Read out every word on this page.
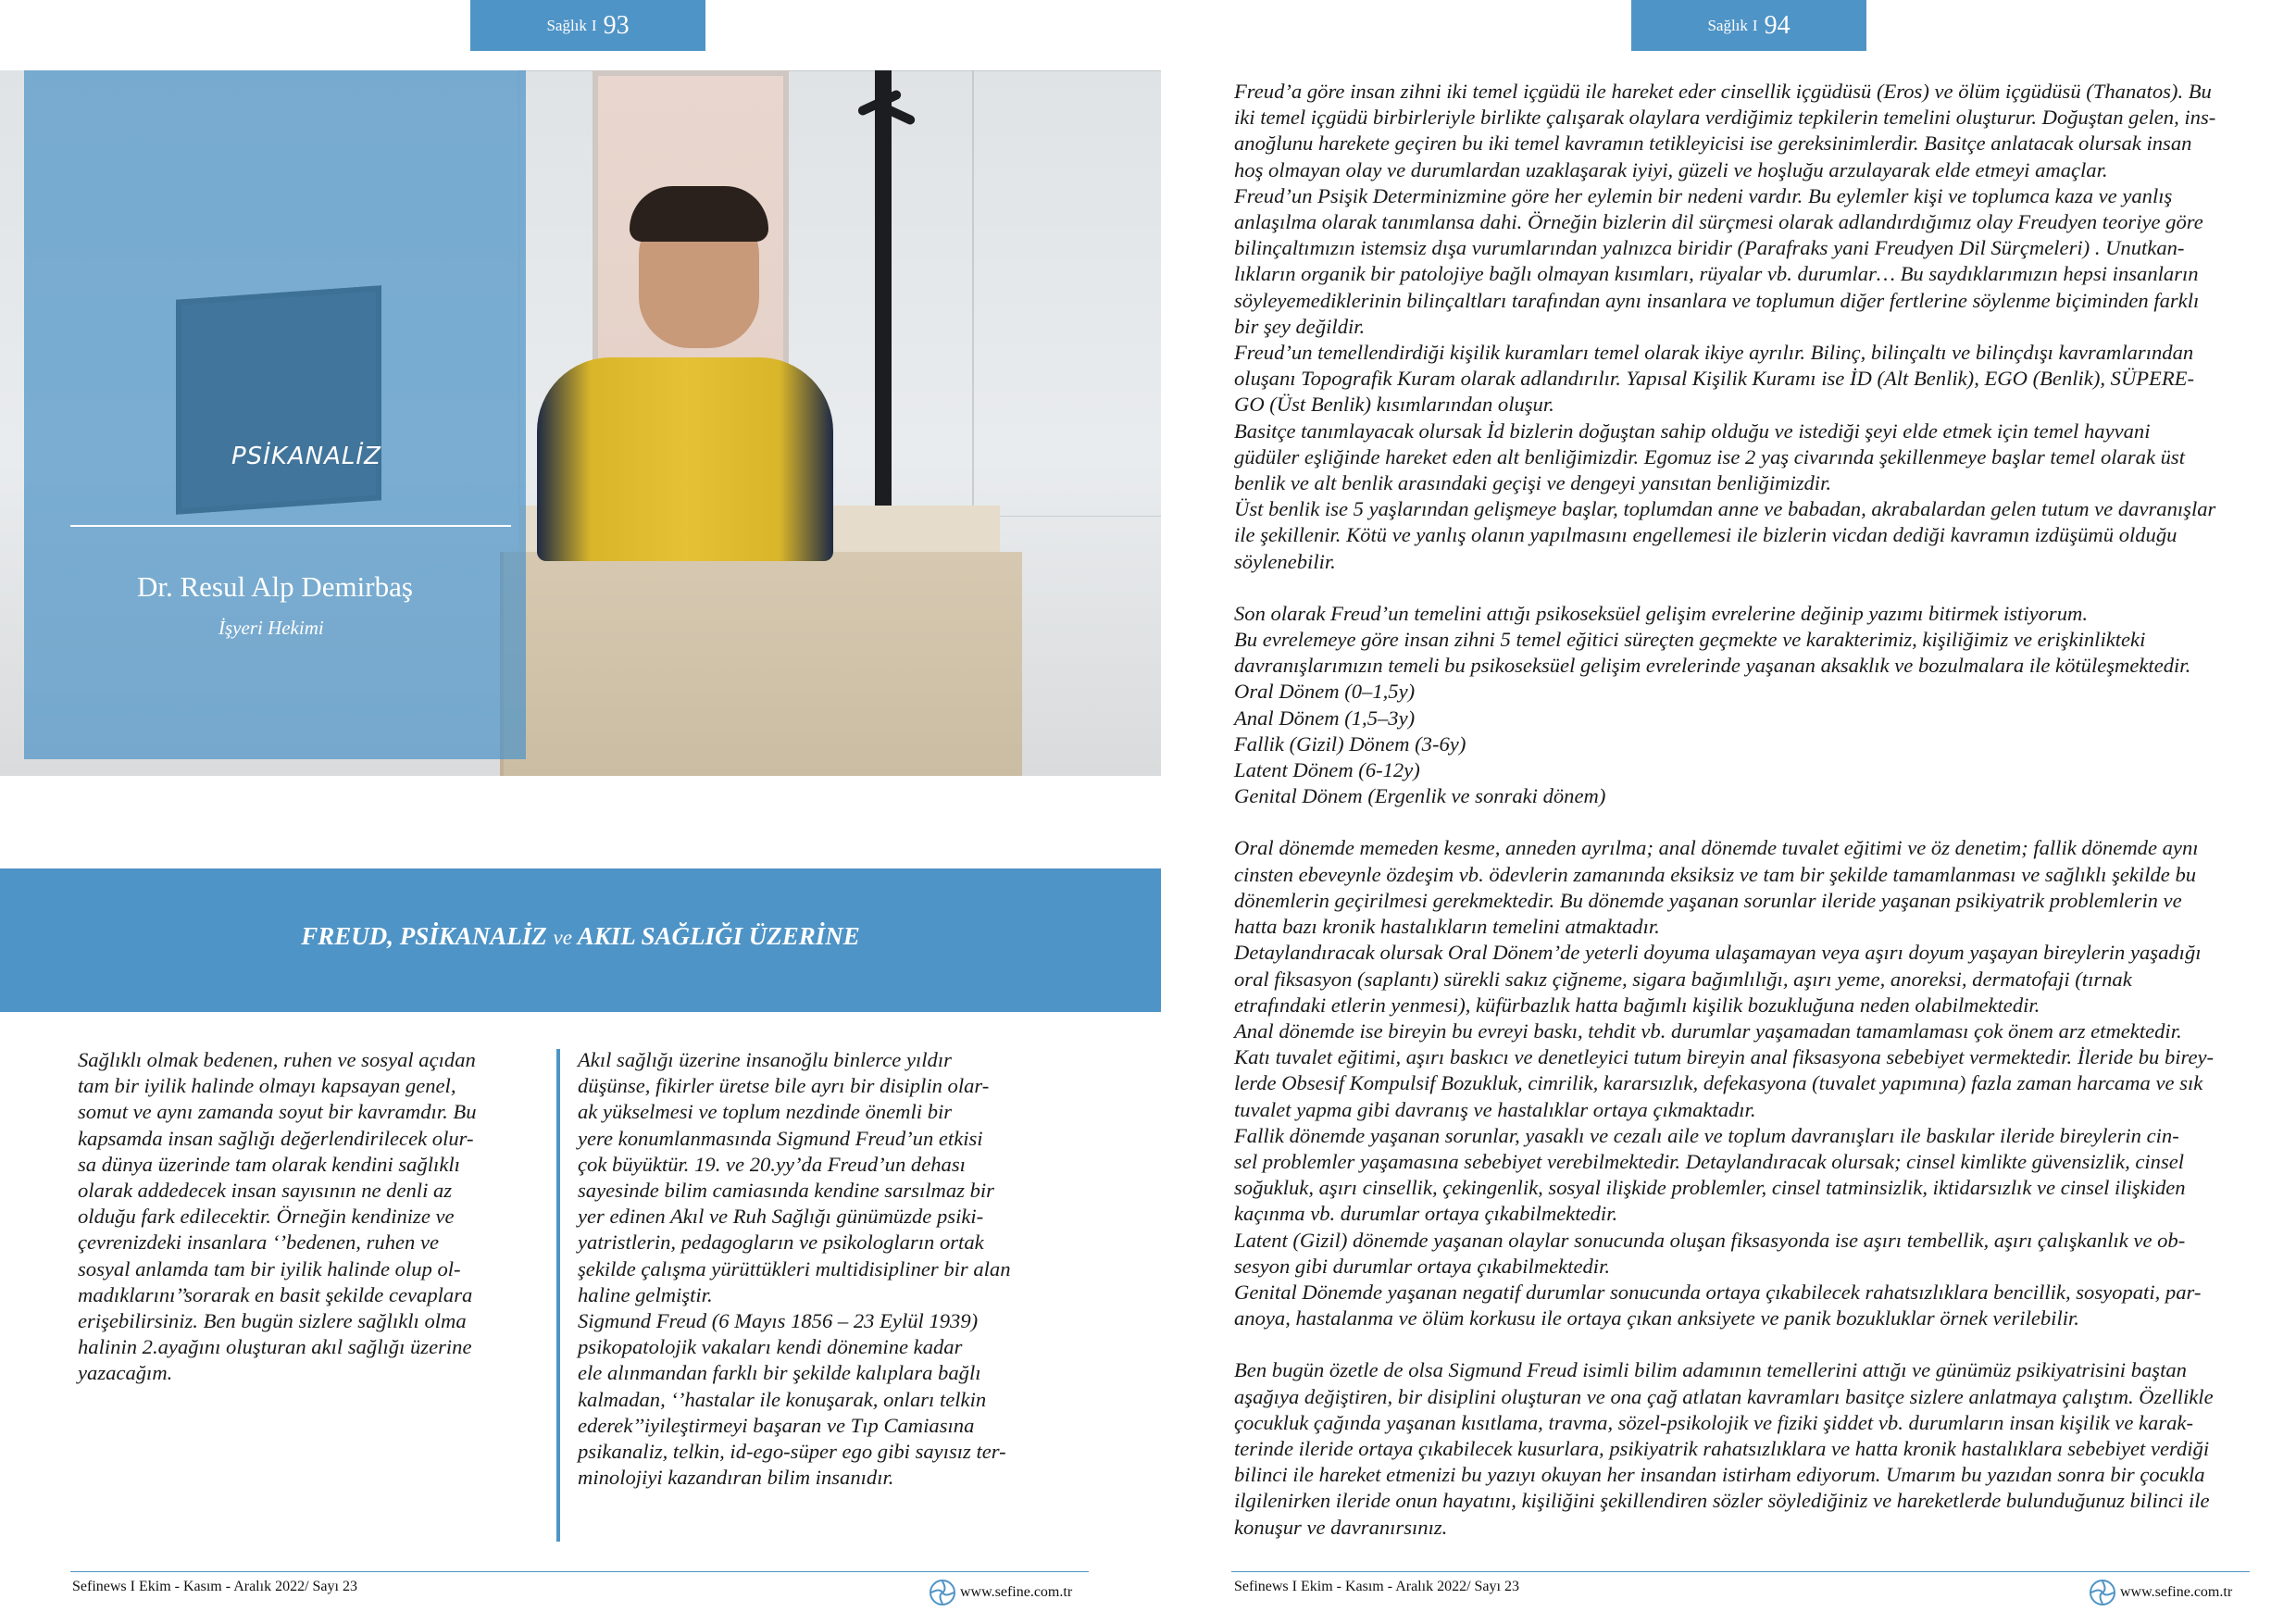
Sağlık I 93	Sağlık I 94
PSİKANALİZ
Dr. Resul Alp Demirbaş
İşyeri Hekimi
FREUD, PSİKANALİZ ve AKIL SAĞLIĞI ÜZERİNE

Sağlıklı olmak bedenen, ruhen ve sosyal açıdan

tam bir iyilik halinde olmayı kapsayan genel,

somut ve aynı zamanda soyut bir kavramdır. Bu

kapsamda insan sağlığı değerlendirilecek olur-

sa dünya üzerinde tam olarak kendini sağlıklı

olarak addedecek insan sayısının ne denli az

olduğu fark edilecektir. Örneğin kendinize ve

çevrenizdeki insanlara ‘’bedenen, ruhen ve

sosyal anlamda tam bir iyilik halinde olup ol-

madıklarını’’sorarak en basit şekilde cevaplara

erişebilirsiniz. Ben bugün sizlere sağlıklı olma

halinin 2.ayağını oluşturan akıl sağlığı üzerine

yazacağım.

Akıl sağlığı üzerine insanoğlu binlerce yıldır

düşünse, fikirler üretse bile ayrı bir disiplin olar-

ak yükselmesi ve toplum nezdinde önemli bir

yere konumlanmasında Sigmund Freud’un etkisi

çok büyüktür. 19. ve 20.yy’da Freud’un dehası

sayesinde bilim camiasında kendine sarsılmaz bir

yer edinen Akıl ve Ruh Sağlığı günümüzde psiki-

yatristlerin, pedagogların ve psikologların ortak

şekilde çalışma yürüttükleri multidisipliner bir alan

haline gelmiştir.

Sigmund Freud (6 Mayıs 1856 – 23 Eylül 1939)

psikopatolojik vakaları kendi dönemine kadar

ele alınmandan farklı bir şekilde kalıplara bağlı

kalmadan, ‘’hastalar ile konuşarak, onları telkin

ederek’’iyileştirmeyi başaran ve Tıp Camiasına

psikanaliz, telkin, id-ego-süper ego gibi sayısız ter-

minolojiyi kazandıran bilim insanıdır.

Freud’a göre insan zihni iki temel içgüdü ile hareket eder cinsellik içgüdüsü (Eros) ve ölüm içgüdüsü (Thanatos). Bu

iki temel içgüdü birbirleriyle birlikte çalışarak olaylara verdiğimiz tepkilerin temelini oluşturur. Doğuştan gelen, ins-

anoğlunu harekete geçiren bu iki temel kavramın tetikleyicisi ise gereksinimlerdir. Basitçe anlatacak olursak insan

hoş olmayan olay ve durumlardan uzaklaşarak iyiyi, güzeli ve hoşluğu arzulayarak elde etmeyi amaçlar.

Freud’un Psişik Determinizmine göre her eylemin bir nedeni vardır. Bu eylemler kişi ve toplumca kaza ve yanlış

anlaşılma olarak tanımlansa dahi. Örneğin bizlerin dil sürçmesi olarak adlandırdığımız olay Freudyen teoriye göre

bilinçaltımızın istemsiz dışa vurumlarından yalnızca biridir (Parafraks yani Freudyen Dil Sürçmeleri) . Unutkan-

lıkların organik bir patolojiye bağlı olmayan kısımları, rüyalar vb. durumlar… Bu saydıklarımızın hepsi insanların

söyleyemediklerinin bilinçaltları tarafından aynı insanlara ve toplumun diğer fertlerine söylenme biçiminden farklı

bir şey değildir.

Freud’un temellendirdiği kişilik kuramları temel olarak ikiye ayrılır. Bilinç, bilinçaltı ve bilinçdışı kavramlarından

oluşanı Topografik Kuram olarak adlandırılır. Yapısal Kişilik Kuramı ise İD (Alt Benlik), EGO (Benlik), SÜPERE-

GO (Üst Benlik) kısımlarından oluşur.

Basitçe tanımlayacak olursak İd bizlerin doğuştan sahip olduğu ve istediği şeyi elde etmek için temel hayvani

güdüler eşliğinde hareket eden alt benliğimizdir. Egomuz ise 2 yaş civarında şekillenmeye başlar temel olarak üst

benlik ve alt benlik arasındaki geçişi ve dengeyi yansıtan benliğimizdir.

Üst benlik ise 5 yaşlarından gelişmeye başlar, toplumdan anne ve babadan, akrabalardan gelen tutum ve davranışlar

ile şekillenir. Kötü ve yanlış olanın yapılmasını engellemesi ile bizlerin vicdan dediği kavramın izdüşümü olduğu

söylenebilir.

Son olarak Freud’un temelini attığı psikoseksüel gelişim evrelerine değinip yazımı bitirmek istiyorum.

Bu evrelemeye göre insan zihni 5 temel eğitici süreçten geçmekte ve karakterimiz, kişiliğimiz ve erişkinlikteki

davranışlarımızın temeli bu psikoseksüel gelişim evrelerinde yaşanan aksaklık ve bozulmalara ile kötüleşmektedir.

Oral Dönem (0–1,5y)

Anal Dönem (1,5–3y)

Fallik (Gizil) Dönem (3-6y)

Latent Dönem (6-12y)

Genital Dönem (Ergenlik ve sonraki dönem)

Oral dönemde memeden kesme, anneden ayrılma; anal dönemde tuvalet eğitimi ve öz denetim; fallik dönemde aynı

cinsten ebeveynle özdeşim vb. ödevlerin zamanında eksiksiz ve tam bir şekilde tamamlanması ve sağlıklı şekilde bu

dönemlerin geçirilmesi gerekmektedir. Bu dönemde yaşanan sorunlar ileride yaşanan psikiyatrik problemlerin ve

hatta bazı kronik hastalıkların temelini atmaktadır.

Detaylandıracak olursak Oral Dönem’de yeterli doyuma ulaşamayan veya aşırı doyum yaşayan bireylerin yaşadığı

oral fiksasyon (saplantı) sürekli sakız çiğneme, sigara bağımlılığı, aşırı yeme, anoreksi, dermatofaji (tırnak

etrafındaki etlerin yenmesi), küfürbazlık hatta bağımlı kişilik bozukluğuna neden olabilmektedir.

Anal dönemde ise bireyin bu evreyi baskı, tehdit vb. durumlar yaşamadan tamamlaması çok önem arz etmektedir.

Katı tuvalet eğitimi, aşırı baskıcı ve denetleyici tutum bireyin anal fiksasyona sebebiyet vermektedir. İleride bu birey-

lerde Obsesif Kompulsif Bozukluk, cimrilik, kararsızlık, defekasyona (tuvalet yapımına) fazla zaman harcama ve sık

tuvalet yapma gibi davranış ve hastalıklar ortaya çıkmaktadır.

Fallik dönemde yaşanan sorunlar, yasaklı ve cezalı aile ve toplum davranışları ile baskılar ileride bireylerin cin-

sel problemler yaşamasına sebebiyet verebilmektedir. Detaylandıracak olursak; cinsel kimlikte güvensizlik, cinsel

soğukluk, aşırı cinsellik, çekingenlik, sosyal ilişkide problemler, cinsel tatminsizlik, iktidarsızlık ve cinsel ilişkiden

kaçınma vb. durumlar ortaya çıkabilmektedir.

Latent (Gizil) dönemde yaşanan olaylar sonucunda oluşan fiksasyonda ise aşırı tembellik, aşırı çalışkanlık ve ob-

sesyon gibi durumlar ortaya çıkabilmektedir.

Genital Dönemde yaşanan negatif durumlar sonucunda ortaya çıkabilecek rahatsızlıklara bencillik, sosyopati, par-

anoya, hastalanma ve ölüm korkusu ile ortaya çıkan anksiyete ve panik bozukluklar örnek verilebilir.

Ben bugün özetle de olsa Sigmund Freud isimli bilim adamının temellerini attığı ve günümüz psikiyatrisini baştan

aşağıya değiştiren, bir disiplini oluşturan ve ona çağ atlatan kavramları basitçe sizlere anlatmaya çalıştım. Özellikle

çocukluk çağında yaşanan kısıtlama, travma, sözel-psikolojik ve fiziki şiddet vb. durumların insan kişilik ve karak-

terinde ileride ortaya çıkabilecek kusurlara, psikiyatrik rahatsızlıklara ve hatta kronik hastalıklara sebebiyet verdiği

bilinci ile hareket etmenizi bu yazıyı okuyan her insandan istirham ediyorum. Umarım bu yazıdan sonra bir çocukla

ilgilenirken ileride onun hayatını, kişiliğini şekillendiren sözler söylediğiniz ve hareketlerde bulunduğunuz bilinci ile

konuşur ve davranırsınız.

Sefinews I Ekim - Kasım - Aralık 2022/ Sayı 23	www.sefine.com.tr	Sefinews I Ekim - Kasım - Aralık 2022/ Sayı 23	www.sefine.com.tr
